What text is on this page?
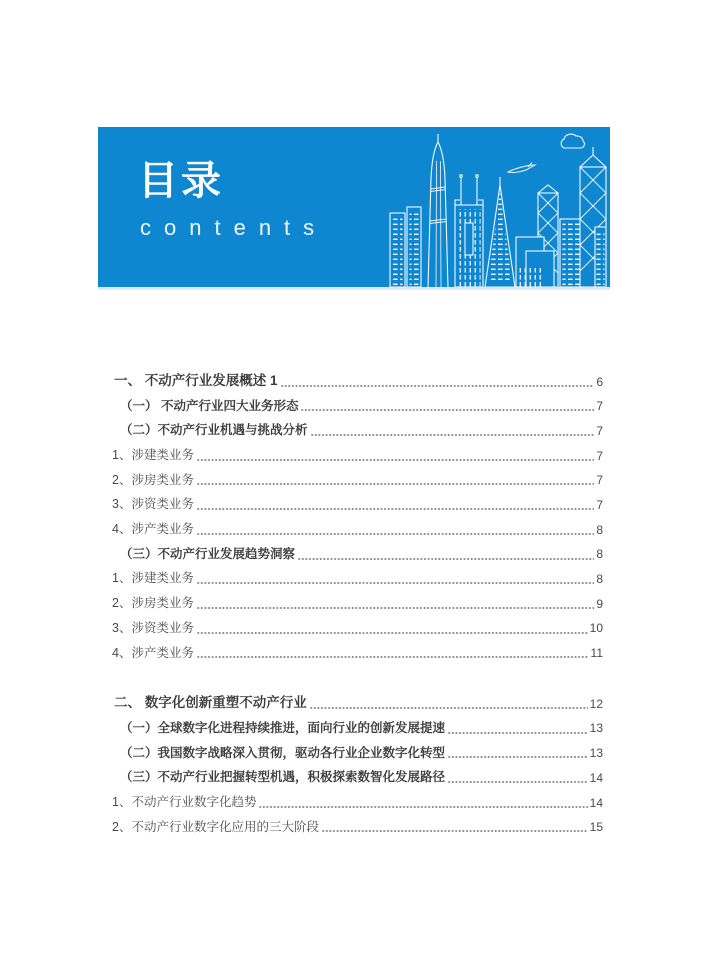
目录
contents
一、 不动产行业发展概述 1	6
（一） 不动产行业四大业务形态	7
（二）不动产行业机遇与挑战分析	7
1、涉建类业务	7
2、涉房类业务	7
3、涉资类业务	7
4、涉产类业务	8
（三）不动产行业发展趋势洞察	8
1、涉建类业务	8
2、涉房类业务	9
3、涉资类业务	10
4、涉产类业务	11
二、 数字化创新重塑不动产行业	12
（一）全球数字化进程持续推进，面向行业的创新发展提速	13
（二）我国数字战略深入贯彻，驱动各行业企业数字化转型	13
（三）不动产行业把握转型机遇，积极探索数智化发展路径	14
1、不动产行业数字化趋势	14
2、不动产行业数字化应用的三大阶段	15
